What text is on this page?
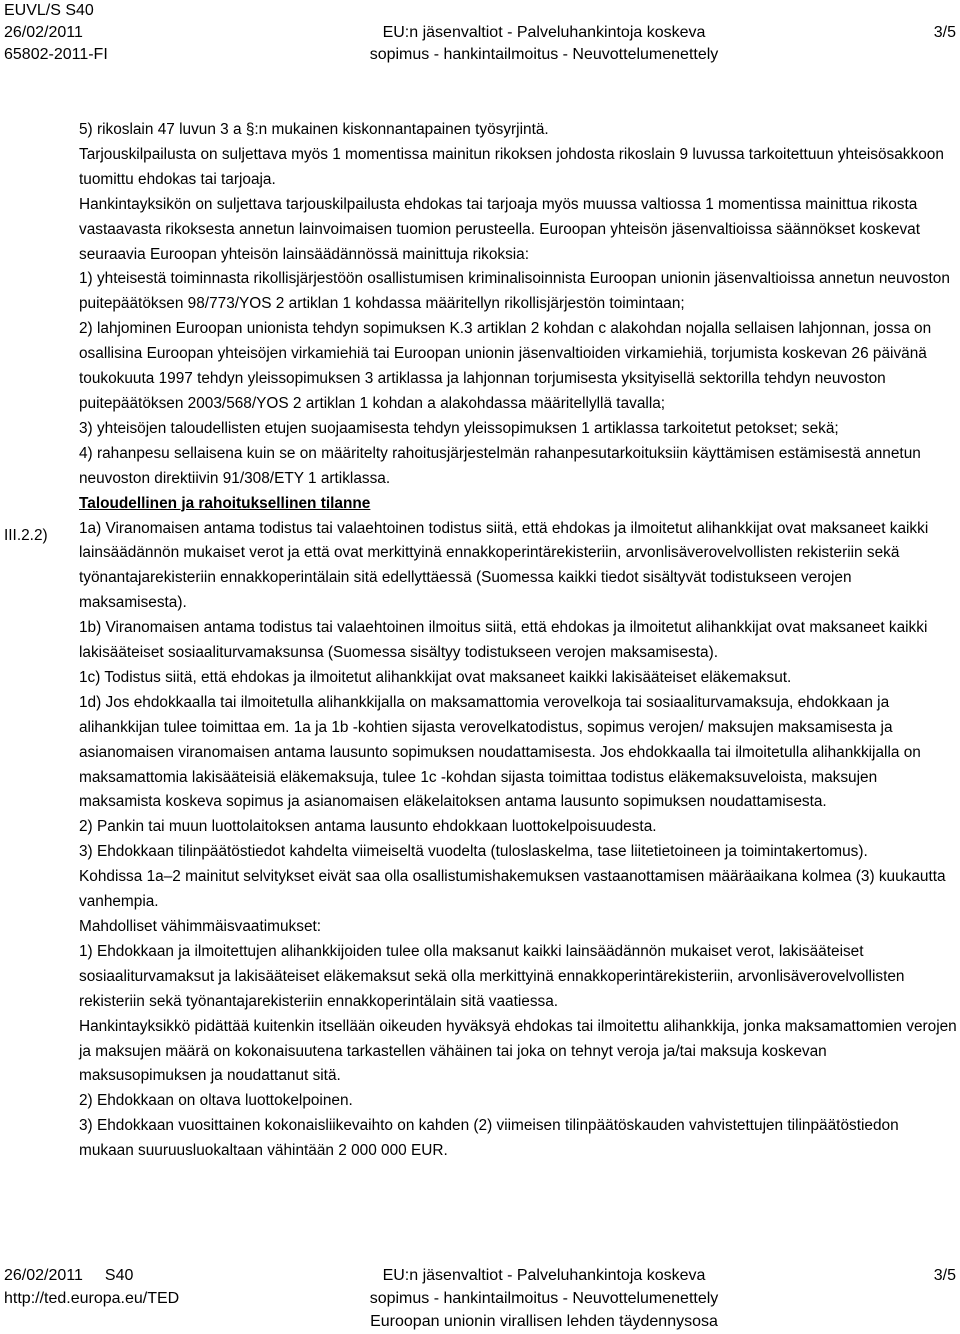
EUVL/S S40
26/02/2011
65802-2011-FI
EU:n jäsenvaltiot - Palveluhankintoja koskeva
sopimus - hankintailmoitus - Neuvottelumenettely
3/5

5) rikoslain 47 luvun 3 a §:n mukainen kiskonnantapainen työsyrjintä.

Tarjouskilpailusta on suljettava myös 1 momentissa mainitun rikoksen johdosta rikoslain 9 luvussa tarkoitettuun yhteisösakkoon tuomittu ehdokas tai tarjoaja.

Hankintayksikön on suljettava tarjouskilpailusta ehdokas tai tarjoaja myös muussa valtiossa 1 momentissa mainittua rikosta vastaavasta rikoksesta annetun lainvoimaisen tuomion perusteella. Euroopan yhteisön jäsenvaltioissa säännökset koskevat seuraavia Euroopan yhteisön lainsäädännössä mainittuja rikoksia:

1) yhteisestä toiminnasta rikollisjärjestöön osallistumisen kriminalisoinnista Euroopan unionin jäsenvaltioissa annetun neuvoston puitepäätöksen 98/773/YOS 2 artiklan 1 kohdassa määritellyn rikollisjärjestön toimintaan;

2) lahjominen Euroopan unionista tehdyn sopimuksen K.3 artiklan 2 kohdan c alakohdan nojalla sellaisen lahjonnan, jossa on osallisina Euroopan yhteisöjen virkamiehiä tai Euroopan unionin jäsenvaltioiden virkamiehiä, torjumista koskevan 26 päivänä toukokuuta 1997 tehdyn yleissopimuksen 3 artiklassa ja lahjonnan torjumisesta yksityisellä sektorilla tehdyn neuvoston puitepäätöksen 2003/568/YOS 2 artiklan 1 kohdan a alakohdassa määritellyllä tavalla;

3) yhteisöjen taloudellisten etujen suojaamisesta tehdyn yleissopimuksen 1 artiklassa tarkoitetut petokset; sekä;

4) rahanpesu sellaisena kuin se on määritelty rahoitusjärjestelmän rahanpesutarkoituksiin käyttämisen estämisestä annetun neuvoston direktiivin 91/308/ETY 1 artiklassa.

Taloudellinen ja rahoituksellinen tilanne

1a) Viranomaisen antama todistus tai valaehtoinen todistus siitä, että ehdokas ja ilmoitetut alihankkijat ovat maksaneet kaikki lainsäädännön mukaiset verot ja että ovat merkittyinä ennakkoperintärekisteriin, arvonlisäverovelvollisten rekisteriin sekä työnantajarekisteriin ennakkoperintälain sitä edellyttäessä (Suomessa kaikki tiedot sisältyvät todistukseen verojen maksamisesta).

1b) Viranomaisen antama todistus tai valaehtoinen ilmoitus siitä, että ehdokas ja ilmoitetut alihankkijat ovat maksaneet kaikki lakisääteiset sosiaaliturvamaksunsa (Suomessa sisältyy todistukseen verojen maksamisesta).

1c) Todistus siitä, että ehdokas ja ilmoitetut alihankkijat ovat maksaneet kaikki lakisääteiset eläkemaksut.

1d) Jos ehdokkaalla tai ilmoitetulla alihankkijalla on maksamattomia verovelkoja tai sosiaaliturvamaksuja, ehdokkaan ja alihankkijan tulee toimittaa em. 1a ja 1b -kohtien sijasta verovelkatodistus, sopimus verojen/ maksujen maksamisesta ja asianomaisen viranomaisen antama lausunto sopimuksen noudattamisesta. Jos ehdokkaalla tai ilmoitetulla alihankkijalla on maksamattomia lakisääteisiä eläkemaksuja, tulee 1c -kohdan sijasta toimittaa todistus eläkemaksuveloista, maksujen maksamista koskeva sopimus ja asianomaisen eläkelaitoksen antama lausunto sopimuksen noudattamisesta.

2) Pankin tai muun luottolaitoksen antama lausunto ehdokkaan luottokelpoisuudesta.

3) Ehdokkaan tilinpäätöstiedot kahdelta viimeiseltä vuodelta (tuloslaskelma, tase liitetietoineen ja toimintakertomus).

Kohdissa 1a–2 mainitut selvitykset eivät saa olla osallistumishakemuksen vastaanottamisen määräaikana kolmea (3) kuukautta vanhempia.

Mahdolliset vähimmäisvaatimukset:

1) Ehdokkaan ja ilmoitettujen alihankkijoiden tulee olla maksanut kaikki lainsäädännön mukaiset verot, lakisääteiset sosiaaliturvamaksut ja lakisääteiset eläkemaksut sekä olla merkittyinä ennakkoperintärekisteriin, arvonlisäverovelvollisten rekisteriin sekä työnantajarekisteriin ennakkoperintälain sitä vaatiessa.

Hankintayksikkö pidättää kuitenkin itsellään oikeuden hyväksyä ehdokas tai ilmoitettu alihankkija, jonka maksamattomien verojen ja maksujen määrä on kokonaisuutena tarkastellen vähäinen tai joka on tehnyt veroja ja/tai maksuja koskevan maksusopimuksen ja noudattanut sitä.

2) Ehdokkaan on oltava luottokelpoinen.

3) Ehdokkaan vuosittainen kokonaisliikevaihto on kahden (2) viimeisen tilinpäätöskauden vahvistettujen tilinpäätöstiedon mukaan suuruusluokaltaan vähintään 2 000 000 EUR.

III.2.2)
26/02/2011 S40
http://ted.europa.eu/TED
EU:n jäsenvaltiot - Palveluhankintoja koskeva
sopimus - hankintailmoitus - Neuvottelumenettely
Euroopan unionin virallisen lehden täydennysosa
3/5
